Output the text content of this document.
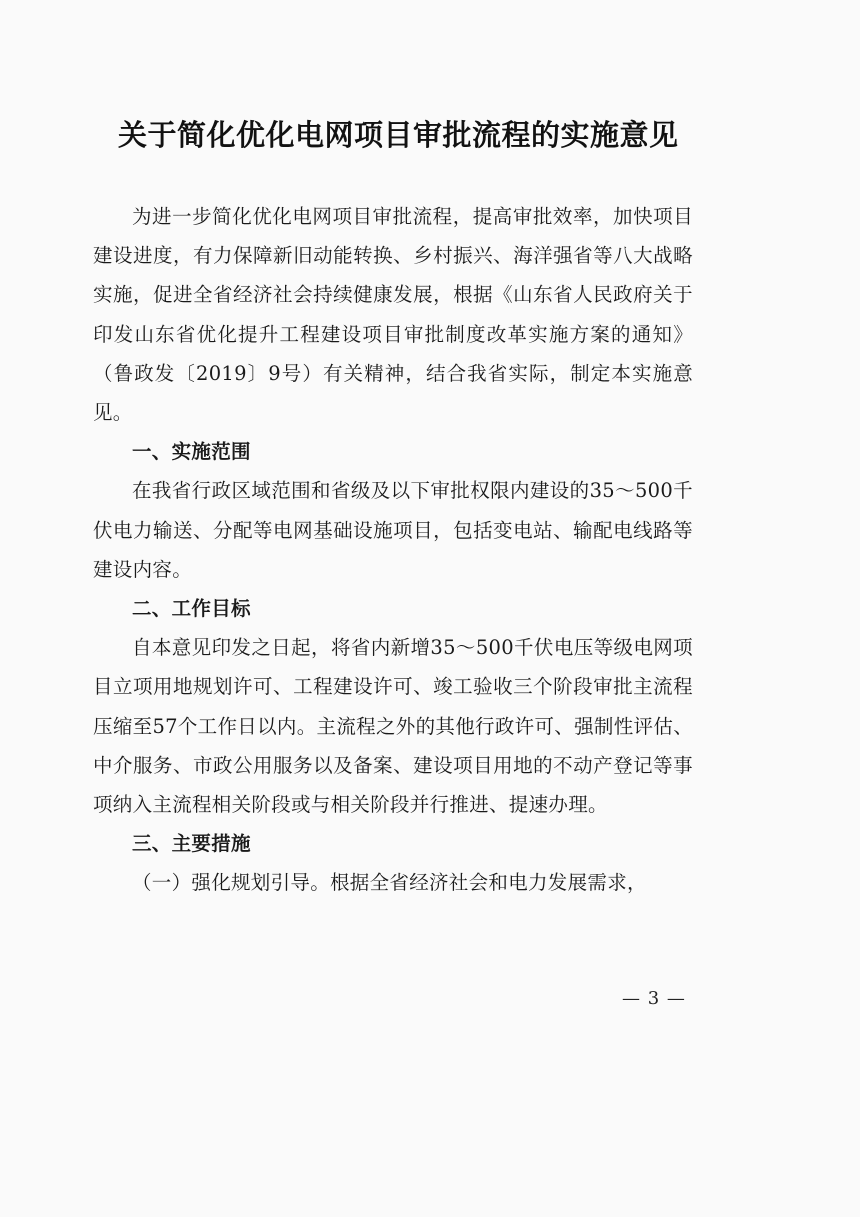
关于简化优化电网项目审批流程的实施意见

为进一步简化优化电网项目审批流程，提高审批效率，加快项目建设进度，有力保障新旧动能转换、乡村振兴、海洋强省等八大战略实施，促进全省经济社会持续健康发展，根据《山东省人民政府关于印发山东省优化提升工程建设项目审批制度改革实施方案的通知》（鲁政发〔2019〕9号）有关精神，结合我省实际，制定本实施意见。

一、实施范围

在我省行政区域范围和省级及以下审批权限内建设的35～500千伏电力输送、分配等电网基础设施项目，包括变电站、输配电线路等建设内容。

二、工作目标

自本意见印发之日起，将省内新增35～500千伏电压等级电网项目立项用地规划许可、工程建设许可、竣工验收三个阶段审批主流程压缩至57个工作日以内。主流程之外的其他行政许可、强制性评估、中介服务、市政公用服务以及备案、建设项目用地的不动产登记等事项纳入主流程相关阶段或与相关阶段并行推进、提速办理。

三、主要措施

（一）强化规划引导。根据全省经济社会和电力发展需求，

— 3 —
